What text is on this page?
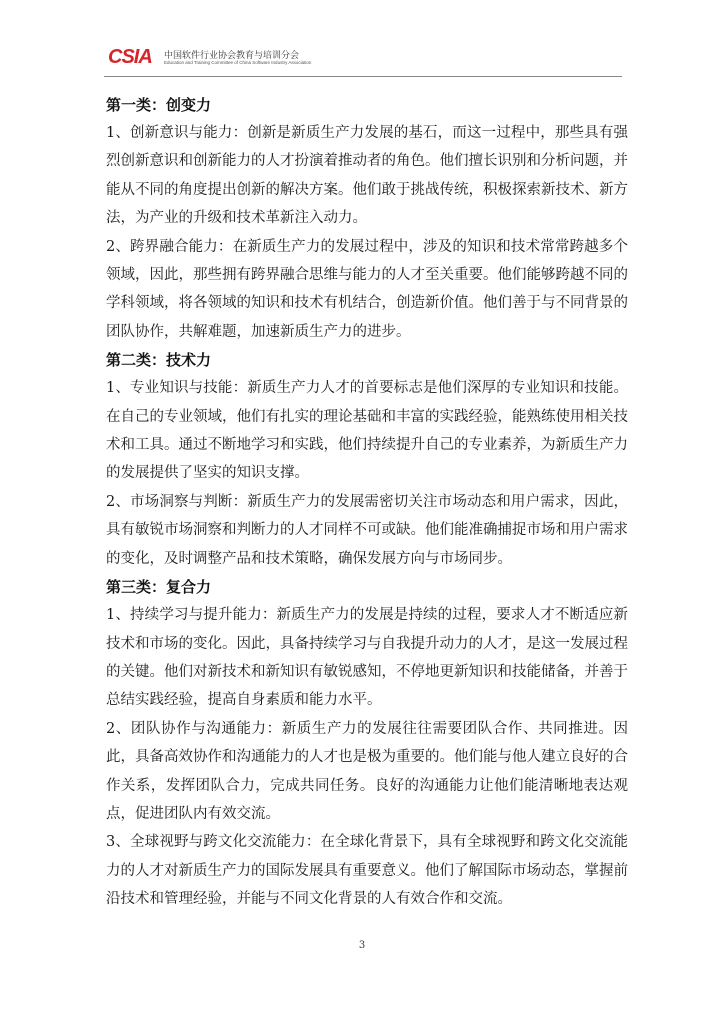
CSIA 中国软件行业协会教育与培训分会
Education and Training Committee of China Software Industry Association
第一类：创变力

1、创新意识与能力：创新是新质生产力发展的基石，而这一过程中，那些具有强烈创新意识和创新能力的人才扮演着推动者的角色。他们擅长识别和分析问题，并能从不同的角度提出创新的解决方案。他们敢于挑战传统，积极探索新技术、新方法，为产业的升级和技术革新注入动力。

2、跨界融合能力：在新质生产力的发展过程中，涉及的知识和技术常常跨越多个领域，因此，那些拥有跨界融合思维与能力的人才至关重要。他们能够跨越不同的学科领域，将各领域的知识和技术有机结合，创造新价值。他们善于与不同背景的团队协作，共解难题，加速新质生产力的进步。

第二类：技术力

1、专业知识与技能：新质生产力人才的首要标志是他们深厚的专业知识和技能。在自己的专业领域，他们有扎实的理论基础和丰富的实践经验，能熟练使用相关技术和工具。通过不断地学习和实践，他们持续提升自己的专业素养，为新质生产力的发展提供了坚实的知识支撑。

2、市场洞察与判断：新质生产力的发展需密切关注市场动态和用户需求，因此，具有敏锐市场洞察和判断力的人才同样不可或缺。他们能准确捕捉市场和用户需求的变化，及时调整产品和技术策略，确保发展方向与市场同步。

第三类：复合力

1、持续学习与提升能力：新质生产力的发展是持续的过程，要求人才不断适应新技术和市场的变化。因此，具备持续学习与自我提升动力的人才，是这一发展过程的关键。他们对新技术和新知识有敏锐感知，不停地更新知识和技能储备，并善于总结实践经验，提高自身素质和能力水平。

2、团队协作与沟通能力：新质生产力的发展往往需要团队合作、共同推进。因此，具备高效协作和沟通能力的人才也是极为重要的。他们能与他人建立良好的合作关系，发挥团队合力，完成共同任务。良好的沟通能力让他们能清晰地表达观点，促进团队内有效交流。

3、全球视野与跨文化交流能力：在全球化背景下，具有全球视野和跨文化交流能力的人才对新质生产力的国际发展具有重要意义。他们了解国际市场动态，掌握前沿技术和管理经验，并能与不同文化背景的人有效合作和交流。

3
